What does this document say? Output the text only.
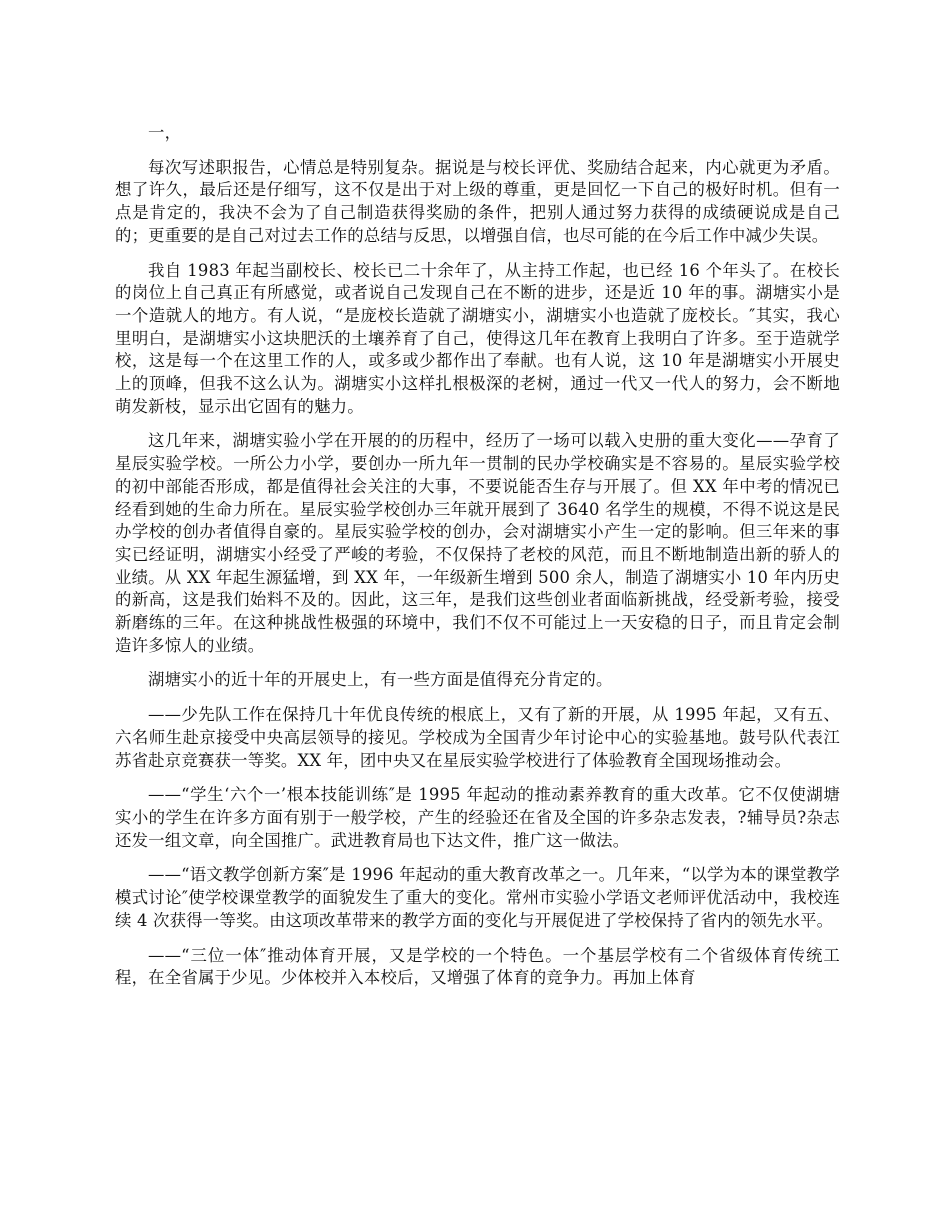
一，

每次写述职报告，心情总是特别复杂。据说是与校长评优、奖励结合起来，内心就更为矛盾。想了许久，最后还是仔细写，这不仅是出于对上级的尊重，更是回忆一下自己的极好时机。但有一点是肯定的，我决不会为了自己制造获得奖励的条件，把别人通过努力获得的成绩硬说成是自己的；更重要的是自己对过去工作的总结与反思，以增强自信，也尽可能的在今后工作中减少失误。

我自 1983 年起当副校长、校长已二十余年了，从主持工作起，也已经 16 个年头了。在校长的岗位上自己真正有所感觉，或者说自己发现自己在不断的进步，还是近 10 年的事。湖塘实小是一个造就人的地方。有人说，“是庞校长造就了湖塘实小，湖塘实小也造就了庞校长。″其实，我心里明白，是湖塘实小这块肥沃的土壤养育了自己，使得这几年在教育上我明白了许多。至于造就学校，这是每一个在这里工作的人，或多或少都作出了奉献。也有人说，这 10 年是湖塘实小开展史上的顶峰，但我不这么认为。湖塘实小这样扎根极深的老树，通过一代又一代人的努力，会不断地萌发新枝，显示出它固有的魅力。

这几年来，湖塘实验小学在开展的的历程中，经历了一场可以载入史册的重大变化——孕育了星辰实验学校。一所公力小学，要创办一所九年一贯制的民办学校确实是不容易的。星辰实验学校的初中部能否形成，都是值得社会关注的大事，不要说能否生存与开展了。但 XX 年中考的情况已经看到她的生命力所在。星辰实验学校创办三年就开展到了 3640 名学生的规模，不得不说这是民办学校的创办者值得自豪的。星辰实验学校的创办，会对湖塘实小产生一定的影响。但三年来的事实已经证明，湖塘实小经受了严峻的考验，不仅保持了老校的风范，而且不断地制造出新的骄人的业绩。从 XX 年起生源猛增，到 XX 年，一年级新生增到 500 余人，制造了湖塘实小 10 年内历史的新高，这是我们始料不及的。因此，这三年，是我们这些创业者面临新挑战，经受新考验，接受新磨练的三年。在这种挑战性极强的环境中，我们不仅不可能过上一天安稳的日子，而且肯定会制造许多惊人的业绩。

湖塘实小的近十年的开展史上，有一些方面是值得充分肯定的。

——少先队工作在保持几十年优良传统的根底上，又有了新的开展，从 1995 年起，又有五、六名师生赴京接受中央高层领导的接见。学校成为全国青少年讨论中心的实验基地。鼓号队代表江苏省赴京竞赛获一等奖。XX 年，团中央又在星辰实验学校进行了体验教育全国现场推动会。

——“学生‘六个一’根本技能训练″是 1995 年起动的推动素养教育的重大改革。它不仅使湖塘实小的学生在许多方面有别于一般学校，产生的经验还在省及全国的许多杂志发表，?辅导员?杂志还发一组文章，向全国推广。武进教育局也下达文件，推广这一做法。

——“语文教学创新方案″是 1996 年起动的重大教育改革之一。几年来，“以学为本的课堂教学模式讨论″使学校课堂教学的面貌发生了重大的变化。常州市实验小学语文老师评优活动中，我校连续 4 次获得一等奖。由这项改革带来的教学方面的变化与开展促进了学校保持了省内的领先水平。

——“三位一体″推动体育开展，又是学校的一个特色。一个基层学校有二个省级体育传统工程，在全省属于少见。少体校并入本校后，又增强了体育的竞争力。再加上体育
